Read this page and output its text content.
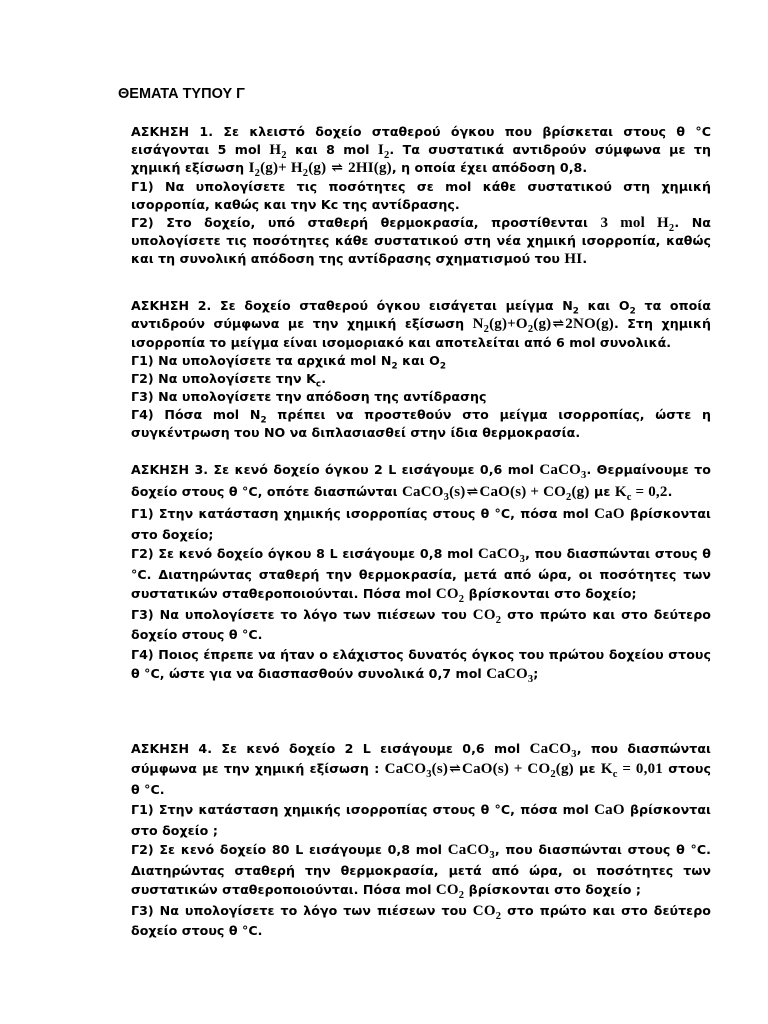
ΘΕΜΑΤΑ ΤΥΠΟΥ Γ

ΑΣΚΗΣΗ 1. Σε κλειστό δοχείο σταθερού όγκου που βρίσκεται στους θ °C εισάγονται 5 mol $H_2$ και 8 mol $I_2$. Τα συστατικά αντιδρούν σύμφωνα με τη χημική εξίσωση $I_2(g)+ H_2(g)$ ⇌ 2HI(g), η οποία έχει απόδοση 0,8.

Γ1) Να υπολογίσετε τις ποσότητες σε mol κάθε συστατικού στη χημική ισορροπία, καθώς και την Kc της αντίδρασης.

Γ2) Στο δοχείο, υπό σταθερή θερμοκρασία, προστίθενται 3 mol $H_2$. Να υπολογίσετε τις ποσότητες κάθε συστατικού στη νέα χημική ισορροπία, καθώς και τη συνολική απόδοση της αντίδρασης σχηματισμού του HI.

ΑΣΚΗΣΗ 2. Σε δοχείο σταθερού όγκου εισάγεται μείγμα $N_2$ και $O_2$ τα οποία αντιδρούν σύμφωνα με την χημική εξίσωση $N_2(g)+O_2(g)\rightleftharpoons 2NO(g)$. Στη χημική ισορροπία το μείγμα είναι ισομοριακό και αποτελείται από 6 mol συνολικά.

Γ1) Να υπολογίσετε τα αρχικά mol $N_2$ και $O_2$

Γ2) Να υπολογίσετε την $K_c$.

Γ3) Να υπολογίσετε την απόδοση της αντίδρασης

Γ4) Πόσα mol $N_2$ πρέπει να προστεθούν στο μείγμα ισορροπίας, ώστε η συγκέντρωση του NO να διπλασιασθεί στην ίδια θερμοκρασία.

ΑΣΚΗΣΗ 3. Σε κενό δοχείο όγκου 2 L εισάγουμε 0,6 mol CaCO$_3$. Θερμαίνουμε το δοχείο στους θ °C, οπότε διασπώνται CaCO$_3$(s)⇌CaO(s) + $CO_2(g)$ με $K_c = 0,2$.

Γ1) Στην κατάσταση χημικής ισορροπίας στους θ °C, πόσα mol CaO βρίσκονται στο δοχείο;

Γ2) Σε κενό δοχείο όγκου 8 L εισάγουμε 0,8 mol CaCO$_3$, που διασπώνται στους θ °C. Διατηρώντας σταθερή την θερμοκρασία, μετά από ώρα, οι ποσότητες των συστατικών σταθεροποιούνται. Πόσα mol $CO_2$ βρίσκονται στο δοχείο;

Γ3) Να υπολογίσετε το λόγο των πιέσεων του $CO_2$ στο πρώτο και στο δεύτερο δοχείο στους θ °C.

Γ4) Ποιος έπρεπε να ήταν ο ελάχιστος δυνατός όγκος του πρώτου δοχείου στους θ °C, ώστε για να διασπασθούν συνολικά 0,7 mol CaCO$_3$;

ΑΣΚΗΣΗ 4. Σε κενό δοχείο 2 L εισάγουμε 0,6 mol CaCO$_3$, που διασπώνται σύμφωνα με την χημική εξίσωση : CaCO$_3$(s)⇌CaO(s) + $CO_2(g)$ με $K_c = 0,01$ στους θ °C.

Γ1) Στην κατάσταση χημικής ισορροπίας στους θ °C, πόσα mol CaO βρίσκονται στο δοχείο ;

Γ2) Σε κενό δοχείο 80 L εισάγουμε 0,8 mol CaCO$_3$, που διασπώνται στους θ °C. Διατηρώντας σταθερή την θερμοκρασία, μετά από ώρα, οι ποσότητες των συστατικών σταθεροποιούνται. Πόσα mol $CO_2$ βρίσκονται στο δοχείο ;

Γ3) Να υπολογίσετε το λόγο των πιέσεων του $CO_2$ στο πρώτο και στο δεύτερο δοχείο στους θ °C.
